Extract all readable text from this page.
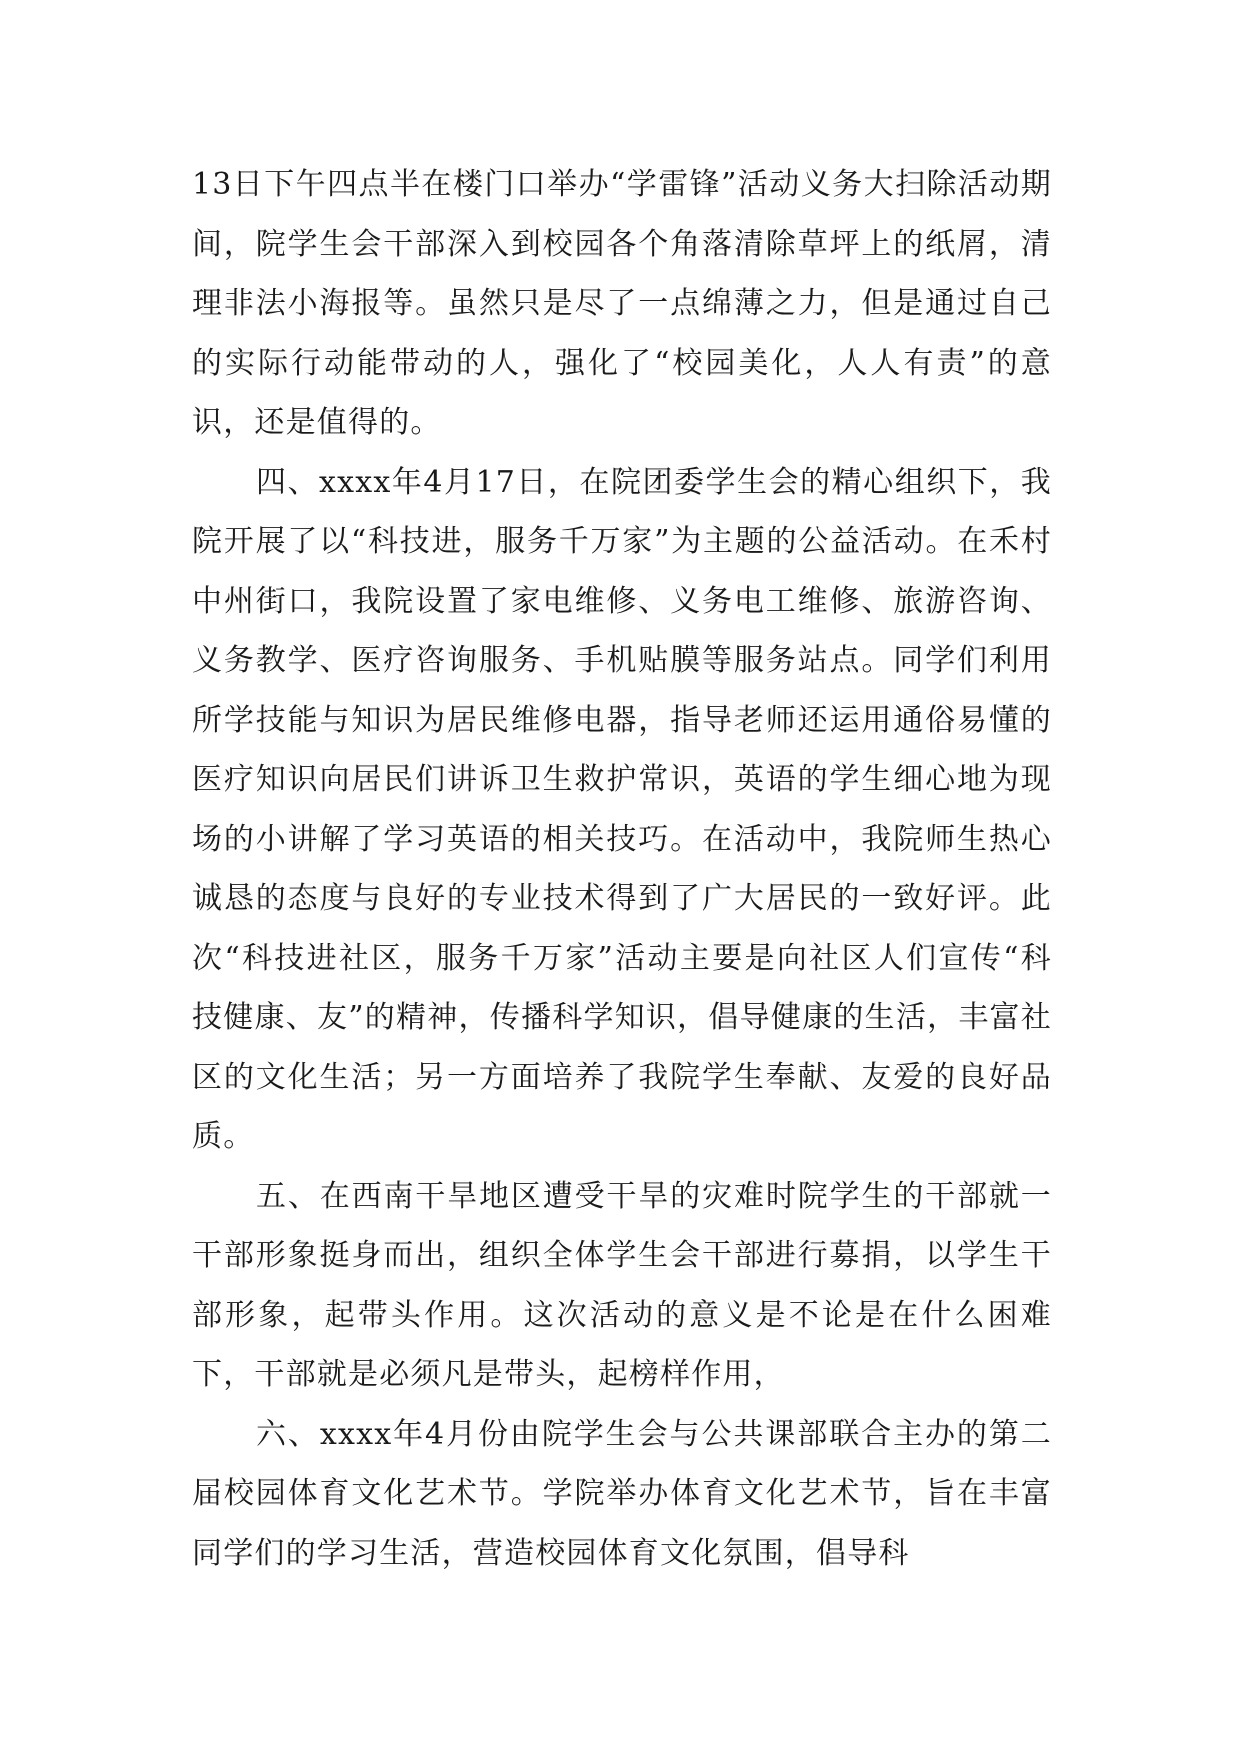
13日下午四点半在楼门口举办“学雷锋”活动义务大扫除活动期间，院学生会干部深入到校园各个角落清除草坪上的纸屑，清理非法小海报等。虽然只是尽了一点绵薄之力，但是通过自己的实际行动能带动的人，强化了“校园美化，人人有责”的意识，还是值得的。

四、xxxx年4月17日，在院团委学生会的精心组织下，我院开展了以“科技进，服务千万家”为主题的公益活动。在禾村中州街口，我院设置了家电维修、义务电工维修、旅游咨询、义务教学、医疗咨询服务、手机贴膜等服务站点。同学们利用所学技能与知识为居民维修电器，指导老师还运用通俗易懂的医疗知识向居民们讲诉卫生救护常识，英语的学生细心地为现场的小讲解了学习英语的相关技巧。在活动中，我院师生热心诚恳的态度与良好的专业技术得到了广大居民的一致好评。此次“科技进社区，服务千万家”活动主要是向社区人们宣传“科技健康、友”的精神，传播科学知识，倡导健康的生活，丰富社区的文化生活；另一方面培养了我院学生奉献、友爱的良好品质。

五、在西南干旱地区遭受干旱的灾难时院学生的干部就一干部形象挺身而出，组织全体学生会干部进行募捐，以学生干部形象，起带头作用。这次活动的意义是不论是在什么困难下，干部就是必须凡是带头，起榜样作用，

六、xxxx年4月份由院学生会与公共课部联合主办的第二届校园体育文化艺术节。学院举办体育文化艺术节，旨在丰富同学们的学习生活，营造校园体育文化氛围，倡导科
